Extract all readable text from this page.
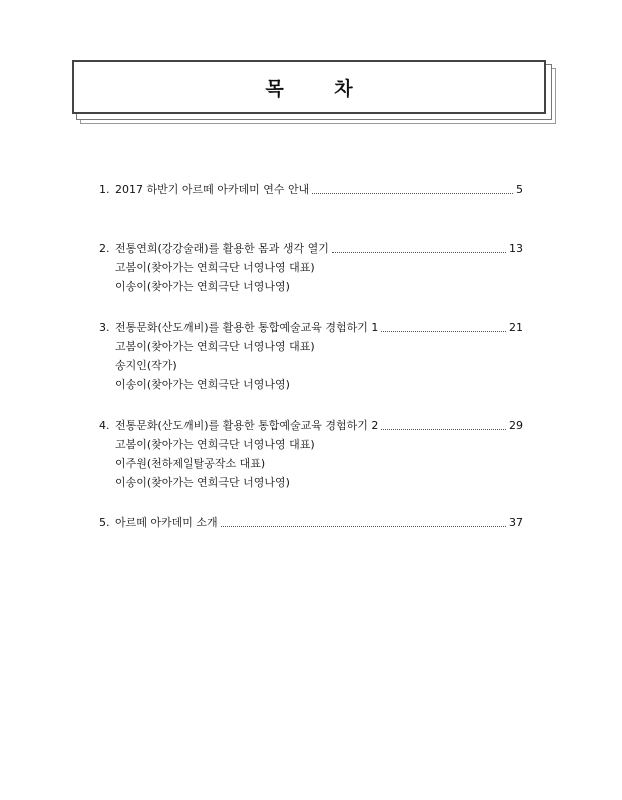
목 차
1. 2017 하반기 아르떼 아카데미 연수 안내	5
2. 전통연희(강강술래)를 활용한 몸과 생각 열기	13
고봄이(찾아가는 연희극단 너영나영 대표)
이송이(찾아가는 연희극단 너영나영)
3. 전통문화(산도깨비)를 활용한 통합예술교육 경험하기 1	21
고봄이(찾아가는 연희극단 너영나영 대표)
송지인(작가)
이송이(찾아가는 연희극단 너영나영)
4. 전통문화(산도깨비)를 활용한 통합예술교육 경험하기 2	29
고봄이(찾아가는 연희극단 너영나영 대표)
이주원(천하제일탈공작소 대표)
이송이(찾아가는 연희극단 너영나영)
5. 아르떼 아카데미 소개	37
